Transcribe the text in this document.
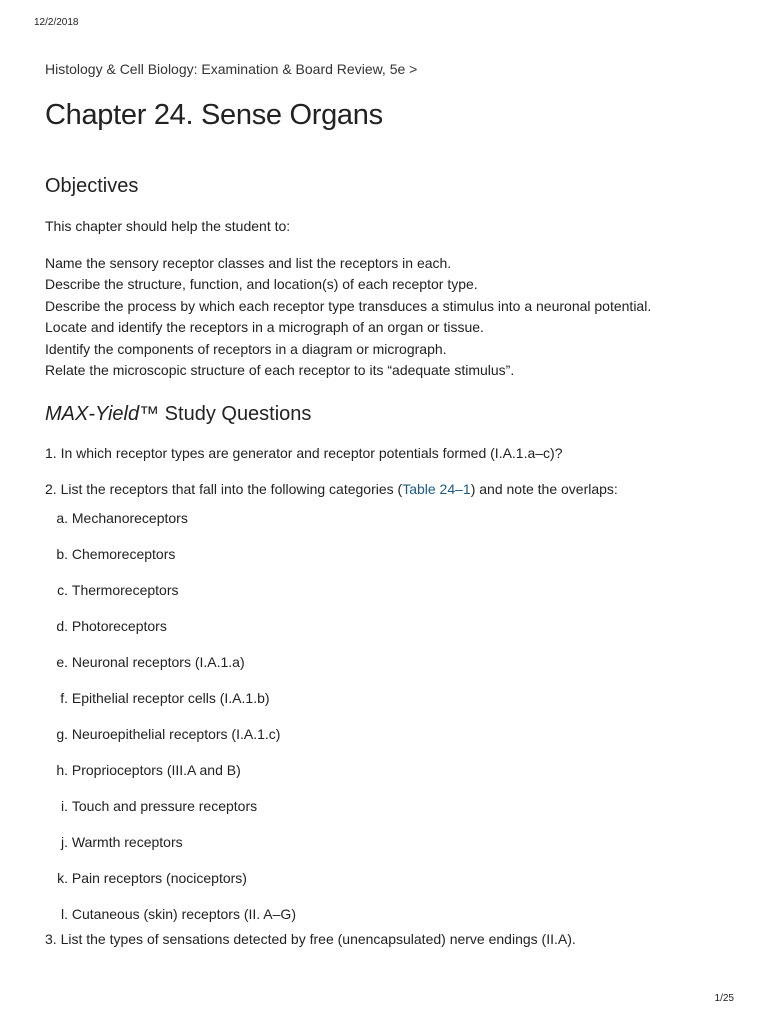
12/2/2018

Histology & Cell Biology: Examination & Board Review, 5e >

Chapter 24. Sense Organs
Objectives

This chapter should help the student to:

Name the sensory receptor classes and list the receptors in each.
Describe the structure, function, and location(s) of each receptor type.
Describe the process by which each receptor type transduces a stimulus into a neuronal potential.
Locate and identify the receptors in a micrograph of an organ or tissue.
Identify the components of receptors in a diagram or micrograph.
Relate the microscopic structure of each receptor to its “adequate stimulus”.
MAX-Yield™ Study Questions

1. In which receptor types are generator and receptor potentials formed (I.A.1.a–c)?

2. List the receptors that fall into the following categories (Table 24–1) and note the overlaps:

a.
Mechanoreceptors
b.
Chemoreceptors
c.
Thermoreceptors
d.
Photoreceptors
e.
Neuronal receptors (I.A.1.a)
f.
Epithelial receptor cells (I.A.1.b)
g.
Neuroepithelial receptors (I.A.1.c)
h.
Proprioceptors (III.A and B)
i.
Touch and pressure receptors
j.
Warmth receptors
k.
Pain receptors (nociceptors)
l.
Cutaneous (skin) receptors (II. A–G)

3. List the types of sensations detected by free (unencapsulated) nerve endings (II.A).

1/25
